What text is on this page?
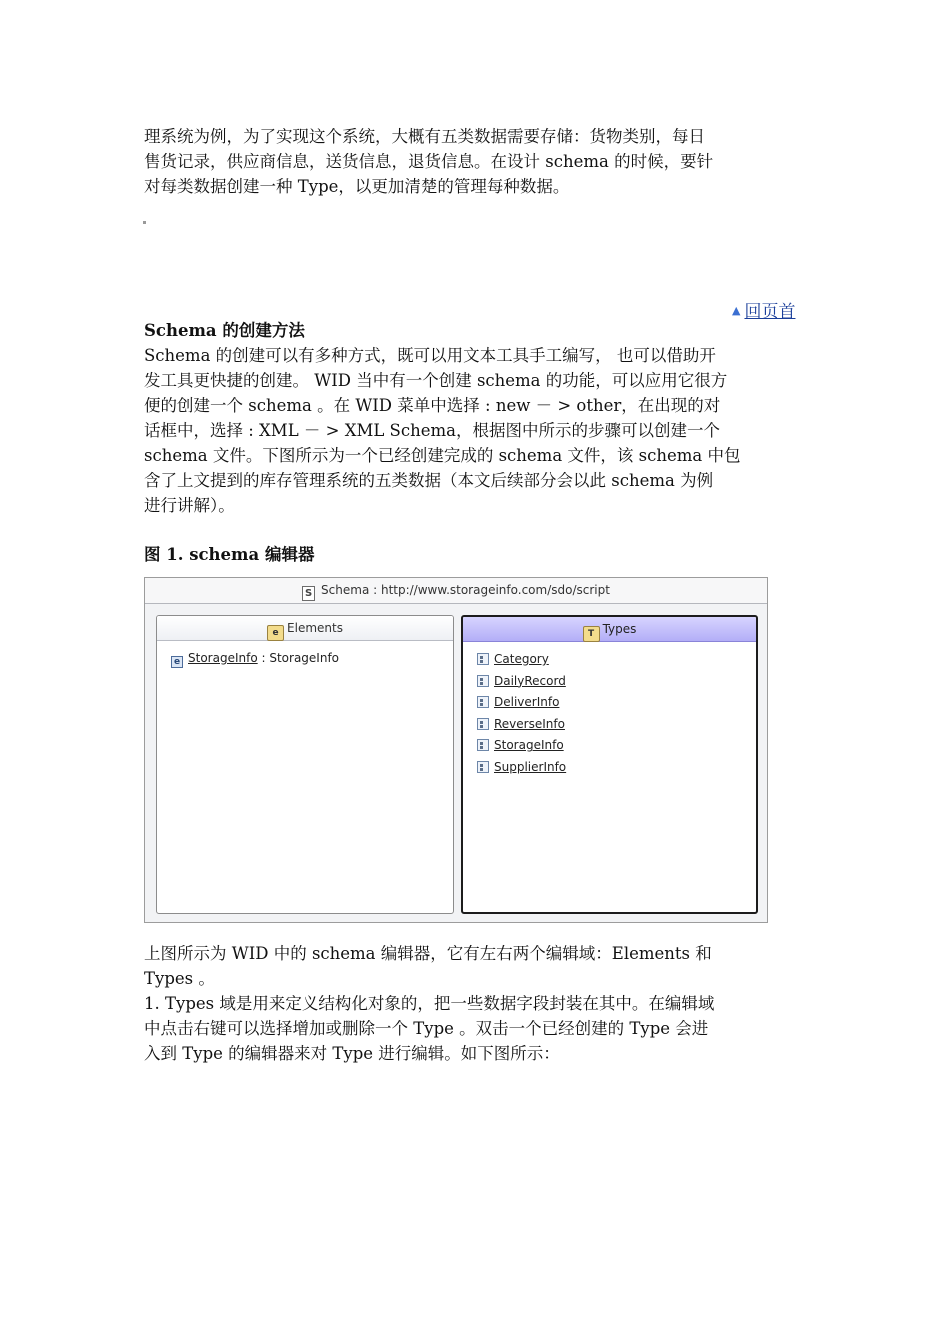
理系统为例，为了实现这个系统，大概有五类数据需要存储：货物类别，每日
售货记录，供应商信息，送货信息，退货信息。在设计 schema 的时候，要针
对每类数据创建一种 Type，以更加清楚的管理每种数据。
▲ 回页首
Schema 的创建方法
Schema 的创建可以有多种方式，既可以用文本工具手工编写， 也可以借助开
发工具更快捷的创建。 WID 当中有一个创建 schema 的功能，可以应用它很方
便的创建一个 schema 。在 WID 菜单中选择 : new － > other，在出现的对
话框中，选择 : XML － > XML Schema，根据图中所示的步骤可以创建一个
schema 文件。下图所示为一个已经创建完成的 schema 文件，该 schema 中包
含了上文提到的库存管理系统的五类数据（本文后续部分会以此 schema 为例
进行讲解）。
图 1. schema 编辑器
S Schema : http://www.storageinfo.com/sdo/script
e Elements
e StorageInfo : StorageInfo
T Types
Category
DailyRecord
DeliverInfo
ReverseInfo
StorageInfo
SupplierInfo
上图所示为 WID 中的 schema 编辑器，它有左右两个编辑域：Elements 和
Types 。
1. Types 域是用来定义结构化对象的，把一些数据字段封装在其中。在编辑域
中点击右键可以选择增加或删除一个 Type 。双击一个已经创建的 Type 会进
入到 Type 的编辑器来对 Type 进行编辑。如下图所示：
